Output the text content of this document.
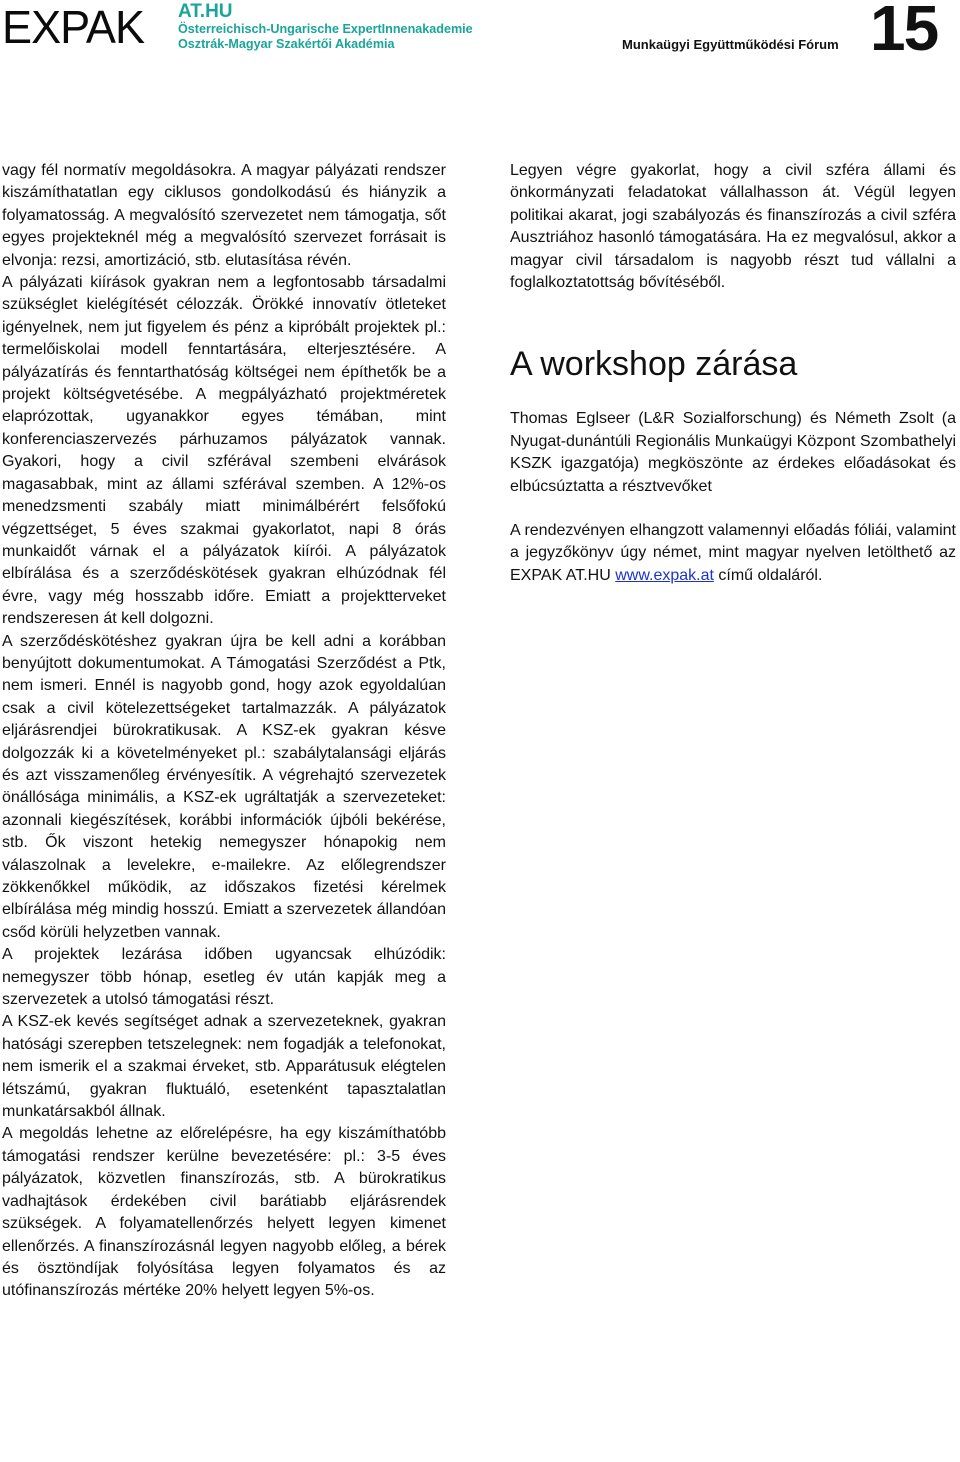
EXPAK	AT.HU
Österreichisch-Ungarische ExpertInnenakademie
Osztrák-Magyar Szakértői Akadémia	Munkaügyi Együttműködési Fórum 15

vagy fél normatív megoldásokra. A magyar pályázati rendszer kiszámíthatatlan egy ciklusos gondolkodású és hiányzik a folyamatosság. A megvalósító szervezetet nem támogatja, sőt egyes projekteknél még a megvalósító szervezet forrásait is elvonja: rezsi, amortizáció, stb. elutasítása révén.

A pályázati kiírások gyakran nem a legfontosabb társadalmi szükséglet kielégítését célozzák. Örökké innovatív ötleteket igényelnek, nem jut figyelem és pénz a kipróbált projektek pl.: termelőiskolai modell fenntartására, elterjesztésére. A pályázatírás és fenntarthatóság költségei nem építhetők be a projekt költségvetésébe. A megpályázható projektméretek elaprózottak, ugyanakkor egyes témában, mint konferenciaszervezés párhuzamos pályázatok vannak. Gyakori, hogy a civil szférával szembeni elvárások magasabbak, mint az állami szférával szemben. A 12%-os menedzsmenti szabály miatt minimálbérért felsőfokú végzettséget, 5 éves szakmai gyakorlatot, napi 8 órás munkaidőt várnak el a pályázatok kiírói. A pályázatok elbírálása és a szerződéskötések gyakran elhúzódnak fél évre, vagy még hosszabb időre. Emiatt a projektterveket rendszeresen át kell dolgozni.

A szerződéskötéshez gyakran újra be kell adni a korábban benyújtott dokumentumokat. A Támogatási Szerződést a Ptk, nem ismeri. Ennél is nagyobb gond, hogy azok egyoldalúan csak a civil kötelezettségeket tartalmazzák. A pályázatok eljárásrendjei bürokratikusak. A KSZ-ek gyakran késve dolgozzák ki a követelményeket pl.: szabálytalansági eljárás és azt visszamenőleg érvényesítik. A végrehajtó szervezetek önállósága minimális, a KSZ-ek ugráltatják a szervezeteket: azonnali kiegészítések, korábbi információk újbóli bekérése, stb. Ők viszont hetekig nemegyszer hónapokig nem válaszolnak a levelekre, e-mailekre. Az előlegrendszer zökkenőkkel működik, az időszakos fizetési kérelmek elbírálása még mindig hosszú. Emiatt a szervezetek állandóan csőd körüli helyzetben vannak.

A projektek lezárása időben ugyancsak elhúzódik: nemegyszer több hónap, esetleg év után kapják meg a szervezetek a utolsó támogatási részt.

A KSZ-ek kevés segítséget adnak a szervezeteknek, gyakran hatósági szerepben tetszelegnek: nem fogadják a telefonokat, nem ismerik el a szakmai érveket, stb. Apparátusuk elégtelen létszámú, gyakran fluktuáló, esetenként tapasztalatlan munkatársakból állnak.

A megoldás lehetne az előrelépésre, ha egy kiszámíthatóbb támogatási rendszer kerülne bevezetésére: pl.: 3-5 éves pályázatok, közvetlen finanszírozás, stb. A bürokratikus vadhajtások érdekében civil barátiabb eljárásrendek szükségek. A folyamatellenőrzés helyett legyen kimenet ellenőrzés. A finanszírozásnál legyen nagyobb előleg, a bérek és ösztöndíjak folyósítása legyen folyamatos és az utófinanszírozás mértéke 20% helyett legyen 5%-os.

Legyen végre gyakorlat, hogy a civil szféra állami és önkormányzati feladatokat vállalhasson át. Végül legyen politikai akarat, jogi szabályozás és finanszírozás a civil szféra Ausztriához hasonló támogatására. Ha ez megvalósul, akkor a magyar civil társadalom is nagyobb részt tud vállalni a foglalkoztatottság bővítéséből.

A workshop zárása

Thomas Eglseer (L&R Sozialforschung) és Németh Zsolt (a Nyugat-dunántúli Regionális Munkaügyi Központ Szombathelyi KSZK igazgatója) megköszönte az érdekes előadásokat és elbúcsúztatta a résztvevőket

A rendezvényen elhangzott valamennyi előadás fóliái, valamint a jegyzőkönyv úgy német, mint magyar nyelven letölthető az EXPAK AT.HU www.expak.at című oldaláról.
